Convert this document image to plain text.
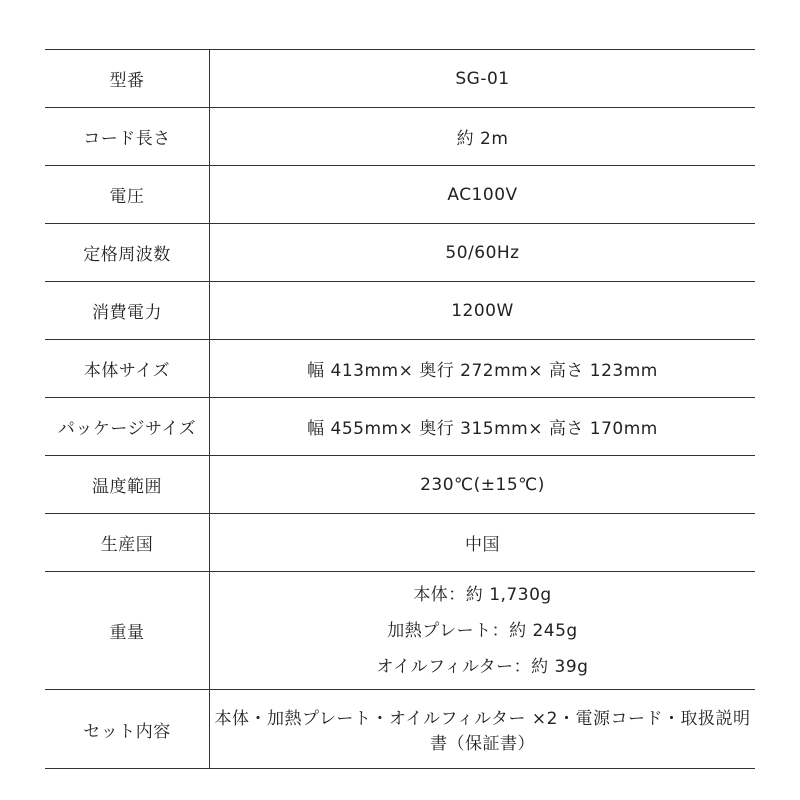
型番	SG-01
コード長さ	約 2m
電圧	AC100V
定格周波数	50/60Hz
消費電力	1200W
本体サイズ	幅 413mm× 奥行 272mm× 高さ 123mm
パッケージサイズ	幅 455mm× 奥行 315mm× 高さ 170mm
温度範囲	230℃(±15℃)
生産国	中国
重量	本体：約 1,730g
加熱プレート：約 245g
オイルフィルター：約 39g

セット内容	本体・加熱プレート・オイルフィルター ×2・電源コード・取扱説明書（保証書）
